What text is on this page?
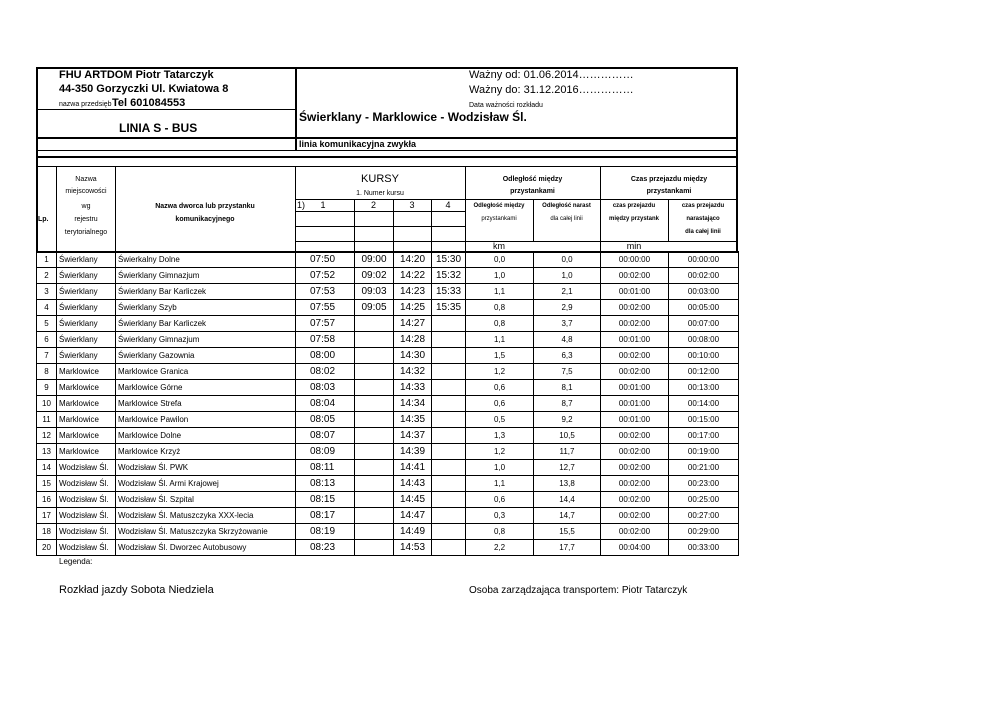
FHU ARTDOM Piotr Tatarczyk
44-350 Gorzyczki Ul. Kwiatowa 8
nazwa przedsięb Tel 601084553
Ważny od: 01.06.2014……………
Ważny do: 31.12.2016……………
Data ważności rozkładu
LINIA S - BUS
Świerklany - Marklowice - Wodzisław Śl.
linia komunikacyjna zwykła
Nazwa
miejscowości
wg
rejestru
terytorialnego
Lp.
Nazwa dworca lub przystanku
komunikacyjnego
KURSY
1. Numer kursu
1)	1	2	3	4
Odległość między
przystankami
Odległość między
przystankami
Odległość narast
dla całej linii
km
Czas przejazdu między
przystankami
czas przejazdu
między przystank
czas przejazdu
narastająco
dla całej linii
min
1	Świerklany	Świerkalny Dolne	07:50	09:00	14:20	15:30	0,0	0,0	00:00:00	00:00:00
2	Świerklany	Świerklany Gimnazjum	07:52	09:02	14:22	15:32	1,0	1,0	00:02:00	00:02:00
3	Świerklany	Świerklany Bar Karliczek	07:53	09:03	14:23	15:33	1,1	2,1	00:01:00	00:03:00
4	Świerklany	Świerklany Szyb	07:55	09:05	14:25	15:35	0,8	2,9	00:02:00	00:05:00
5	Świerklany	Świerklany Bar Karliczek	07:57		14:27		0,8	3,7	00:02:00	00:07:00
6	Świerklany	Świerklany Gimnazjum	07:58		14:28		1,1	4,8	00:01:00	00:08:00
7	Świerklany	Świerklany Gazownia	08:00		14:30		1,5	6,3	00:02:00	00:10:00
8	Marklowice	Marklowice Granica	08:02		14:32		1,2	7,5	00:02:00	00:12:00
9	Marklowice	Marklowice Górne	08:03		14:33		0,6	8,1	00:01:00	00:13:00
10	Marklowice	Marklowice Strefa	08:04		14:34		0,6	8,7	00:01:00	00:14:00
11	Marklowice	Marklowice Pawilon	08:05		14:35		0,5	9,2	00:01:00	00:15:00
12	Marklowice	Marklowice Dolne	08:07		14:37		1,3	10,5	00:02:00	00:17:00
13	Marklowice	Marklowice Krzyż	08:09		14:39		1,2	11,7	00:02:00	00:19:00
14	Wodzisław Śl.	Wodzisław Śl. PWK	08:11		14:41		1,0	12,7	00:02:00	00:21:00
15	Wodzisław Śl.	Wodzisław Śl. Armi Krajowej	08:13		14:43		1,1	13,8	00:02:00	00:23:00
16	Wodzisław Śl.	Wodzisław Śl. Szpital	08:15		14:45		0,6	14,4	00:02:00	00:25:00
17	Wodzisław Śl.	Wodzisław Śl. Matuszczyka XXX-lecia	08:17		14:47		0,3	14,7	00:02:00	00:27:00
18	Wodzisław Śl.	Wodzisław Śl. Matuszczyka Skrzyżowanie	08:19		14:49		0,8	15,5	00:02:00	00:29:00
20	Wodzisław Śl.	Wodzisław Śl. Dworzec Autobusowy	08:23		14:53		2,2	17,7	00:04:00	00:33:00
Legenda:
Rozkład jazdy Sobota Niedziela	Osoba zarządzająca transportem: Piotr Tatarczyk
